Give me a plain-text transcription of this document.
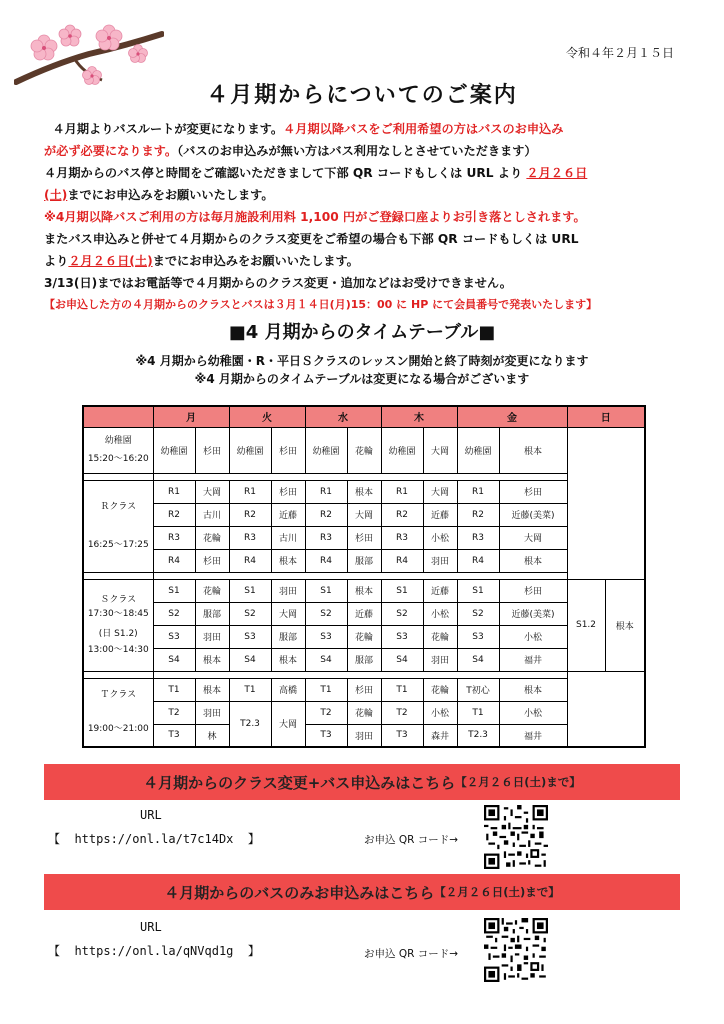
令和４年２月１５日
４月期からについてのご案内

４月期よりバスルートが変更になります。４月期以降バスをご利用希望の方はバスのお申込み

が必ず必要になります。（バスのお申込みが無い方はバス利用なしとさせていただきます）

４月期からのバス停と時間をご確認いただきまして下部 QR コードもしくは URL より ２月２６日

(土)までにお申込みをお願いいたします。

※4月期以降バスご利用の方は毎月施設利用料 1,100 円がご登録口座よりお引き落としされます。

またバス申込みと併せて４月期からのクラス変更をご希望の場合も下部 QR コードもしくは URL

より２月２６日(土)までにお申込みをお願いいたします。

3/13(日)まではお電話等で４月期からのクラス変更・追加などはお受けできません。

【お申込した方の４月期からのクラスとバスは３月１４日(月)15：00 に HP にて会員番号で発表いたします】

■4 月期からのタイムテーブル■
※4 月期から幼稚園・R・平日Ｓクラスのレッスン開始と終了時刻が変更になります
※4 月期からのタイムテーブルは変更になる場合がございます
	月		火		水		木		金		日	

幼稚園
15:20～16:20	幼稚園	杉田	幼稚園	杉田	幼稚園	花輪	幼稚園	大岡	幼稚園	根本		

Ｒクラス
16:25～17:25	R1	大岡	R1	杉田	R1	根本	R1	大岡	R1	杉田		
	R2	古川	R2	近藤	R2	大岡	R2	近藤	R2	近藤(美菜)		
	R3	花輪	R3	古川	R3	杉田	R3	小松	R3	大岡		
	R4	杉田	R4	根本	R4	服部	R4	羽田	R4	根本		

Ｓクラス
17:30～18:45
(日 S1.2)
13:00～14:30	S1	花輪	S1	羽田	S1	根本	S1	近藤	S1	杉田	S1.2	根本
	S2	服部	S2	大岡	S2	近藤	S2	小松	S2	近藤(美菜)		
	S3	羽田	S3	服部	S3	花輪	S3	花輪	S3	小松		
	S4	根本	S4	根本	S4	服部	S4	羽田	S4	福井		

Ｔクラス
19:00～21:00	T1	根本	T1	高橋	T1	杉田	T1	花輪	T初心	根本		
	T2	羽田	T2.3	大岡	T2	花輪	T2	小松	T1	小松		
	T3	林			T3	羽田	T3	森井	T2.3	福井		
４月期からのクラス変更+バス申込みはこちら 【２月２６日(土)まで】
URL
【  https://onl.la/t7c14Dx  】	お申込 QR コード→
４月期からのバスのみお申込みはこちら 【２月２６日(土)まで】
URL
【  https://onl.la/qNVqd1g  】	お申込 QR コード→
